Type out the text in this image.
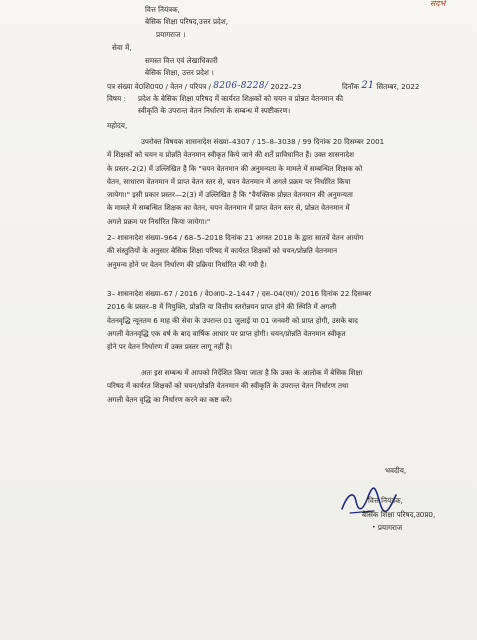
संदर्भ
वित्त नियंत्रक,
बेसिक शिक्षा परिषद,उत्तर प्रदेश,
प्रयागराज ।
सेवा में,
समस्त वित्त एवं लेखाधिकारी
बेसिक शिक्षा, उत्तर प्रदेश ।
पत्र संख्या वे0शि0प0 / वेतन / परिपत्र / 8206-8228/ 2022–23	दिनॉक 21 सितम्बर, 2022
विषय : प्रदेश के बेसिक शिक्षा परिषद में कार्यरत शिक्षकों को चयन व प्रोन्नत वेतनमान की
स्वीकृति के उपरान्त वेतन निर्धारण के सम्बन्ध में स्पष्टीकरण।
महोदय,

उपरोक्त विषयक शासनादेश संख्या–4307 / 15–8–3038 / 99 दिनांक 20 दिसम्बर 2001

में शिक्षकों को चयन व प्रोन्नति वेतनमान स्वीकृत किये जाने की शर्तें प्राविधानित हैं। उक्त शासनादेश

के प्रस्तर–2(2) में उल्लिखित है कि "चयन वेतनमान की अनुमन्यता के मामले में सम्बन्धित शिक्षक को

वेतन, साधारण वेतनमान में प्राप्त वेतन स्तर से, चयन वेतनमान में अगले प्रक्रम पर निर्धारित किया

जायेगा।" इसी प्रकार प्रस्तर—2(3) में उल्लिखित है कि "वैयक्तिक प्रोन्नत वेतनमान की अनुमन्यता

के मामले में सम्बन्धित शिक्षक का वेतन, चयन वेतनमान में प्राप्त वेतन स्तर से, प्रोन्नत वेतनमान में

अगले प्रक्रम पर निर्धारित किया जायेगा।"

2– शासनादेश संख्या–964 / 68–5–2018 दिनांक 21 अगस्त 2018 के द्वारा सातवें वेतन आयोग

की संस्तुतियों के अनुसार बेसिक शिक्षा परिषद में कार्यरत शिक्षकों को चयन/प्रोन्नति वेतनमान

अनुमन्य होने पर वेतन निर्धारण की प्रक्रिया निर्धारित की गयी है।

3– शासनादेश संख्या–67 / 2016 / वे0आ0–2–1447 / दस–04(एम)/ 2016 दिनांक 22 दिसम्बर

2016 के प्रस्तर–8 में नियुक्ति, प्रोन्नति या वित्तीय स्तरोन्नयन प्राप्त होने की स्थिति में अगली

वेतनवृद्धि न्यूनतम 6 माह की सेवा के उपरान्त 01 जुलाई या 01 जनवरी को प्राप्त होगी, उसके बाद

अगली वेतनवृद्धि एक वर्ष के बाद वार्षिक आधार पर प्राप्त होगी। चयन/प्रोन्नति वेतनमान स्वीकृत

होने पर वेतन निर्धारण में उक्त प्रस्तर लागू नहीं है।

अतः इस सम्बन्ध में आपको निर्देशित किया जाता है कि उक्त के आलोक में बेसिक शिक्षा

परिषद में कार्यरत शिक्षकों को चयन/प्रोन्नति वेतनमान की स्वीकृति के उपरान्त वेतन निर्धारण तथा

अगली वेतन वृद्धि का निर्धारण करने का कष्ट करें।

भवदीय,
वित्त नियंत्रक,
बेसिक शिक्षा परिषद,उ0प्र0,
• प्रयागराज
